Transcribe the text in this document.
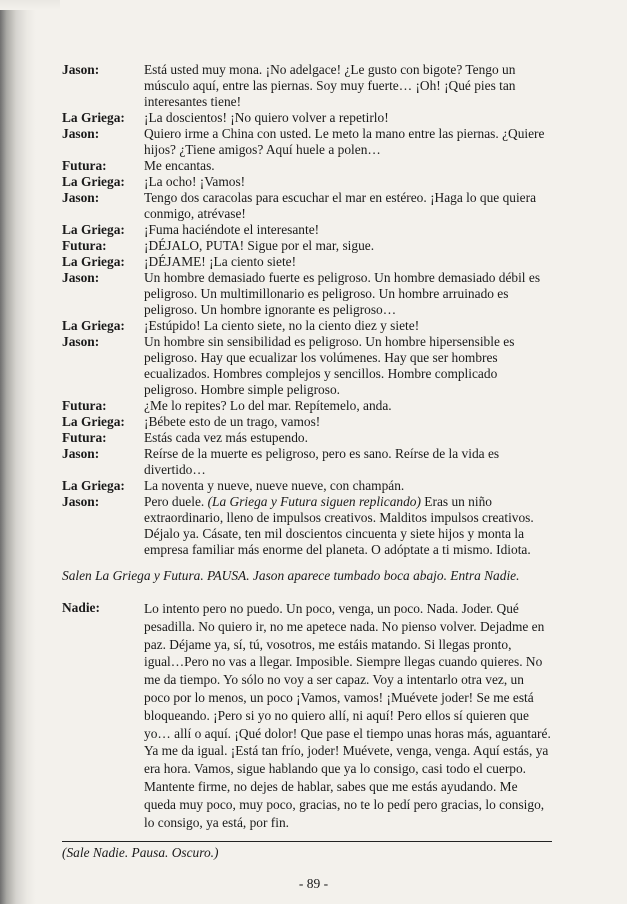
Jason:	Está usted muy mona. ¡No adelgace! ¿Le gusto con bigote? Tengo un músculo aquí, entre las piernas. Soy muy fuerte… ¡Oh! ¡Qué pies tan interesantes tiene!
La Griega:	¡La doscientos! ¡No quiero volver a repetirlo!
Jason:	Quiero irme a China con usted. Le meto la mano entre las piernas. ¿Quiere hijos? ¿Tiene amigos? Aquí huele a polen…
Futura:	Me encantas.
La Griega:	¡La ocho! ¡Vamos!
Jason:	Tengo dos caracolas para escuchar el mar en estéreo. ¡Haga lo que quiera conmigo, atrévase!
La Griega:	¡Fuma haciéndote el interesante!
Futura:	¡DÉJALO, PUTA! Sigue por el mar, sigue.
La Griega:	¡DÉJAME! ¡La ciento siete!
Jason:	Un hombre demasiado fuerte es peligroso. Un hombre demasiado débil es peligroso. Un multimillonario es peligroso. Un hombre arruinado es peligroso. Un hombre ignorante es peligroso…
La Griega:	¡Estúpido! La ciento siete, no la ciento diez y siete!
Jason:	Un hombre sin sensibilidad es peligroso. Un hombre hipersensible es peligroso. Hay que ecualizar los volúmenes. Hay que ser hombres ecualizados. Hombres complejos y sencillos. Hombre complicado peligroso. Hombre simple peligroso.
Futura:	¿Me lo repites? Lo del mar. Repítemelo, anda.
La Griega:	¡Bébete esto de un trago, vamos!
Futura:	Estás cada vez más estupendo.
Jason:	Reírse de la muerte es peligroso, pero es sano. Reírse de la vida es divertido…
La Griega:	La noventa y nueve, nueve nueve, con champán.
Jason:	Pero duele. (La Griega y Futura siguen replicando) Eras un niño extraordinario, lleno de impulsos creativos. Malditos impulsos creativos. Déjalo ya. Cásate, ten mil doscientos cincuenta y siete hijos y monta la empresa familiar más enorme del planeta. O adóptate a ti mismo. Idiota.
Salen La Griega y Futura. PAUSA. Jason aparece tumbado boca abajo. Entra Nadie.
Nadie:	Lo intento pero no puedo. Un poco, venga, un poco. Nada. Joder. Qué pesadilla. No quiero ir, no me apetece nada. No pienso volver. Dejadme en paz. Déjame ya, sí, tú, vosotros, me estáis matando. Si llegas pronto, igual…Pero no vas a llegar. Imposible. Siempre llegas cuando quieres. No me da tiempo. Yo sólo no voy a ser capaz. Voy a intentarlo otra vez, un poco por lo menos, un poco ¡Vamos, vamos! ¡Muévete joder! Se me está bloqueando. ¡Pero si yo no quiero allí, ni aquí! Pero ellos sí quieren que yo… allí o aquí. ¡Qué dolor! Que pase el tiempo unas horas más, aguantaré. Ya me da igual. ¡Está tan frío, joder! Muévete, venga, venga. Aquí estás, ya era hora. Vamos, sigue hablando que ya lo consigo, casi todo el cuerpo. Mantente firme, no dejes de hablar, sabes que me estás ayudando. Me queda muy poco, muy poco, gracias, no te lo pedí pero gracias, lo consigo, lo consigo, ya está, por fin.
(Sale Nadie. Pausa. Oscuro.)
- 89 -
